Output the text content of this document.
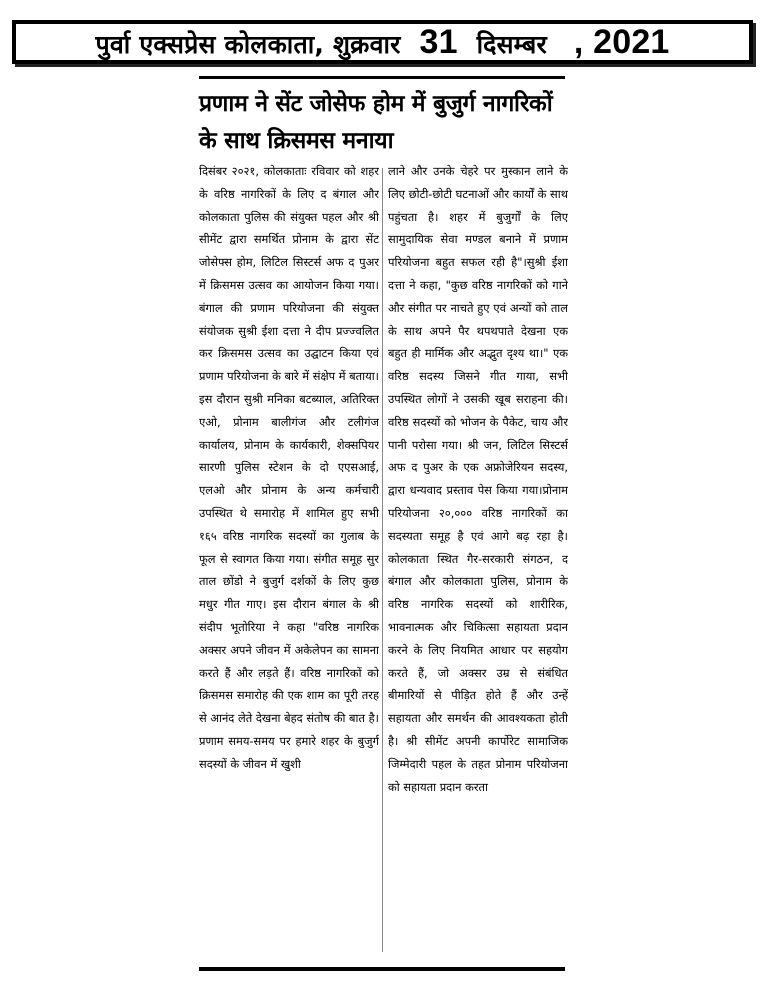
पुर्वा एक्सप्रेस कोलकाता, शुक्रवार 31 दिसम्बर , 2021
प्रणाम ने सेंट जोसेफ होम में बुजुर्ग नागरिकों
के साथ क्रिसमस मनाया
दिसंबर २०२१, कोलकाताः रविवार को शहर के वरिष्ठ नागरिकों के लिए द बंगाल और कोलकाता पुलिस की संयुक्त पहल और श्री सीमेंट द्वारा समर्थित प्रोनाम के द्वारा सेंट जोसेफ्स होम, लिटिल सिस्टर्स अफ द पुअर में क्रिसमस उत्सव का आयोजन किया गया। बंगाल की प्रणाम परियोजना की संयुक्त संयोजक सुश्री ईशा दत्ता ने दीप प्रज्ज्वलित कर क्रिसमस उत्सव का उद्घाटन किया एवं प्रणाम परियोजना के बारे में संक्षेप में बताया। इस दौरान सुश्री मनिका बटब्याल, अतिरिक्त एओ, प्रोनाम बालीगंज और टलीगंज कार्यालय, प्रोनाम के कार्यकारी, शेक्सपियर सारणी पुलिस स्टेशन के दो एएसआई, एलओ और प्रोनाम के अन्य कर्मचारी उपस्थित थे समारोह में शामिल हुए सभी १६५ वरिष्ठ नागरिक सदस्यों का गुलाब के फूल से स्वागत किया गया। संगीत समूह सुर ताल छोंडो ने बुजुर्ग दर्शकों के लिए कुछ मधुर गीत गाए। इस दौरान बंगाल के श्री संदीप भूतोरिया ने कहा "वरिष्ठ नागरिक अक्सर अपने जीवन में अकेलेपन का सामना करते हैं और लड़ते हैं। वरिष्ठ नागरिकों को क्रिसमस समारोह की एक शाम का पूरी तरह से आनंद लेते देखना बेहद संतोष की बात है। प्रणाम समय-समय पर हमारे शहर के बुजुर्ग सदस्यों के जीवन में खुशी
लाने और उनके चेहरे पर मुस्कान लाने के लिए छोटी-छोटी घटनाओं और कार्यों के साथ पहुंचता है। शहर में बुजुर्गों के लिए सामुदायिक सेवा मण्डल बनाने में प्रणाम परियोजना बहुत सफल रही है"।सुश्री ईशा दत्ता ने कहा, "कुछ वरिष्ठ नागरिकों को गाने और संगीत पर नाचते हुए एवं अन्यों को ताल के साथ अपने पैर थपथपाते देखना एक बहुत ही मार्मिक और अद्भुत दृश्य था।" एक वरिष्ठ सदस्य जिसने गीत गाया, सभी उपस्थित लोगों ने उसकी खूब सराहना की।वरिष्ठ सदस्यों को भोजन के पैकेट, चाय और पानी परोसा गया। श्री जन, लिटिल सिस्टर्स अफ द पुअर के एक अफ्रोजेरियन सदस्य, द्वारा धन्यवाद प्रस्ताव पेस किया गया।प्रोनाम परियोजना २०,००० वरिष्ठ नागरिकों का सदस्यता समूह है एवं आगे बढ़ रहा है। कोलकाता स्थित गैर-सरकारी संगठन, द बंगाल और कोलकाता पुलिस, प्रोनाम के वरिष्ठ नागरिक सदस्यों को शारीरिक, भावनात्मक और चिकित्सा सहायता प्रदान करने के लिए नियमित आधार पर सहयोग करते हैं, जो अक्सर उम्र से संबंधित बीमारियों से पीड़ित होते हैं और उन्हें सहायता और समर्थन की आवश्यकता होती है। श्री सीमेंट अपनी कार्पोरेट सामाजिक जिम्मेदारी पहल के तहत प्रोनाम परियोजना को सहायता प्रदान करता
